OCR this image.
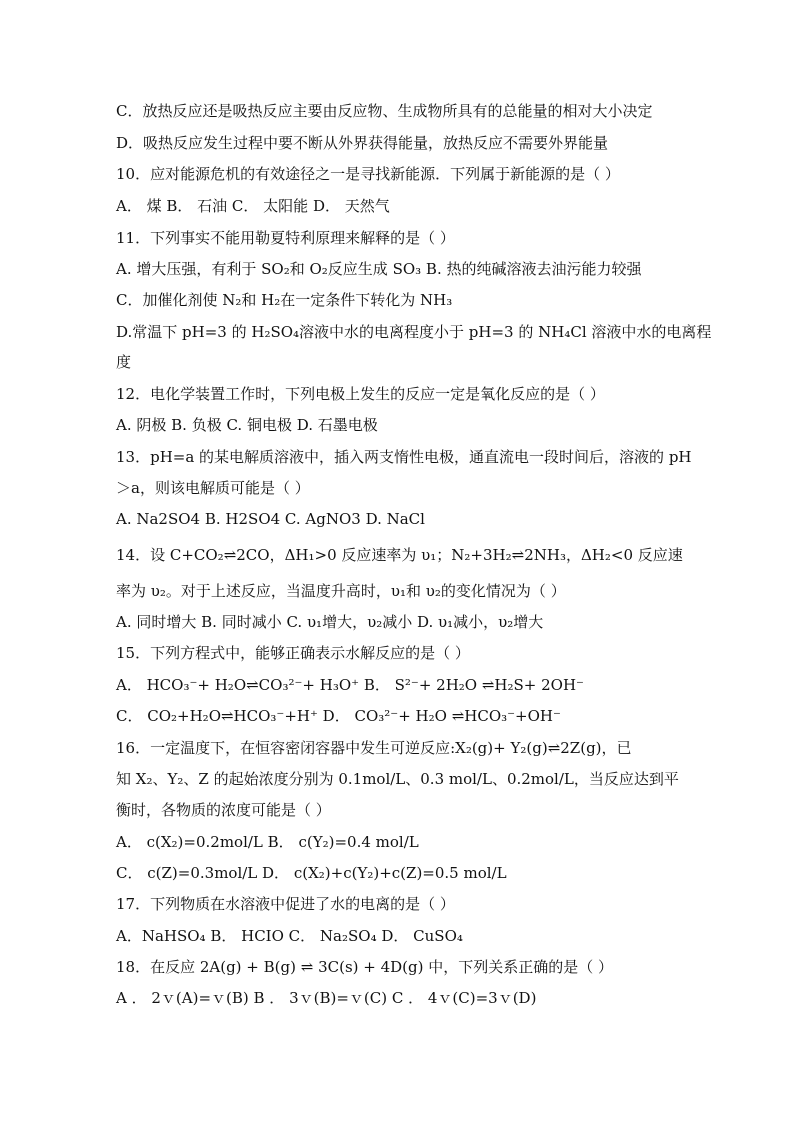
C．放热反应还是吸热反应主要由反应物、生成物所具有的总能量的相对大小决定
D．吸热反应发生过程中要不断从外界获得能量，放热反应不需要外界能量
10．应对能源危机的有效途径之一是寻找新能源．下列属于新能源的是（ ）
A． 煤 B． 石油 C． 太阳能 D． 天然气
11．下列事实不能用勒夏特利原理来解释的是（ ）
A. 增大压强，有利于 SO₂和 O₂反应生成 SO₃ B. 热的纯碱溶液去油污能力较强
C．加催化剂使 N₂和 H₂在一定条件下转化为 NH₃
D.常温下 pH=3 的 H₂SO₄溶液中水的电离程度小于 pH=3 的 NH₄Cl 溶液中水的电离程
度
12．电化学装置工作时，下列电极上发生的反应一定是氧化反应的是（ ）
A. 阴极 B. 负极 C. 铜电极 D. 石墨电极
13．pH=a 的某电解质溶液中，插入两支惰性电极，通直流电一段时间后，溶液的 pH
＞a，则该电解质可能是（ ）
A. Na2SO4 B. H2SO4 C. AgNO3 D. NaCl
14．设 C+CO₂⇌2CO，ΔH₁>0 反应速率为 υ₁；N₂+3H₂⇌2NH₃，ΔH₂<0 反应速
率为 υ₂。对于上述反应，当温度升高时，υ₁和 υ₂的变化情况为（ ）
A. 同时增大 B. 同时减小 C. υ₁增大，υ₂减小 D. υ₁减小，υ₂增大
15．下列方程式中，能够正确表示水解反应的是（ ）
A． HCO₃⁻+ H₂O⇌CO₃²⁻+ H₃O⁺ B． S²⁻+ 2H₂O ⇌H₂S+ 2OH⁻
C． CO₂+H₂O⇌HCO₃⁻+H⁺ D． CO₃²⁻+ H₂O ⇌HCO₃⁻+OH⁻
16．一定温度下，在恒容密闭容器中发生可逆反应:X₂(g)+ Y₂(g)⇌2Z(g)，已
知 X₂、Y₂、Z 的起始浓度分别为 0.1mol/L、0.3 mol/L、0.2mol/L，当反应达到平
衡时，各物质的浓度可能是（ ）
A． c(X₂)=0.2mol/L B． c(Y₂)=0.4 mol/L
C． c(Z)=0.3mol/L D． c(X₂)+c(Y₂)+c(Z)=0.5 mol/L
17．下列物质在水溶液中促进了水的电离的是（ ）
A．NaHSO₄ B． HCIO C． Na₂SO₄ D． CuSO₄
18．在反应 2A(g) + B(g) ⇌ 3C(s) + 4D(g) 中，下列关系正确的是（ ）
A ． 2ｖ(A)=ｖ(B) B ． 3ｖ(B)=ｖ(C) C ． 4ｖ(C)=3ｖ(D)
